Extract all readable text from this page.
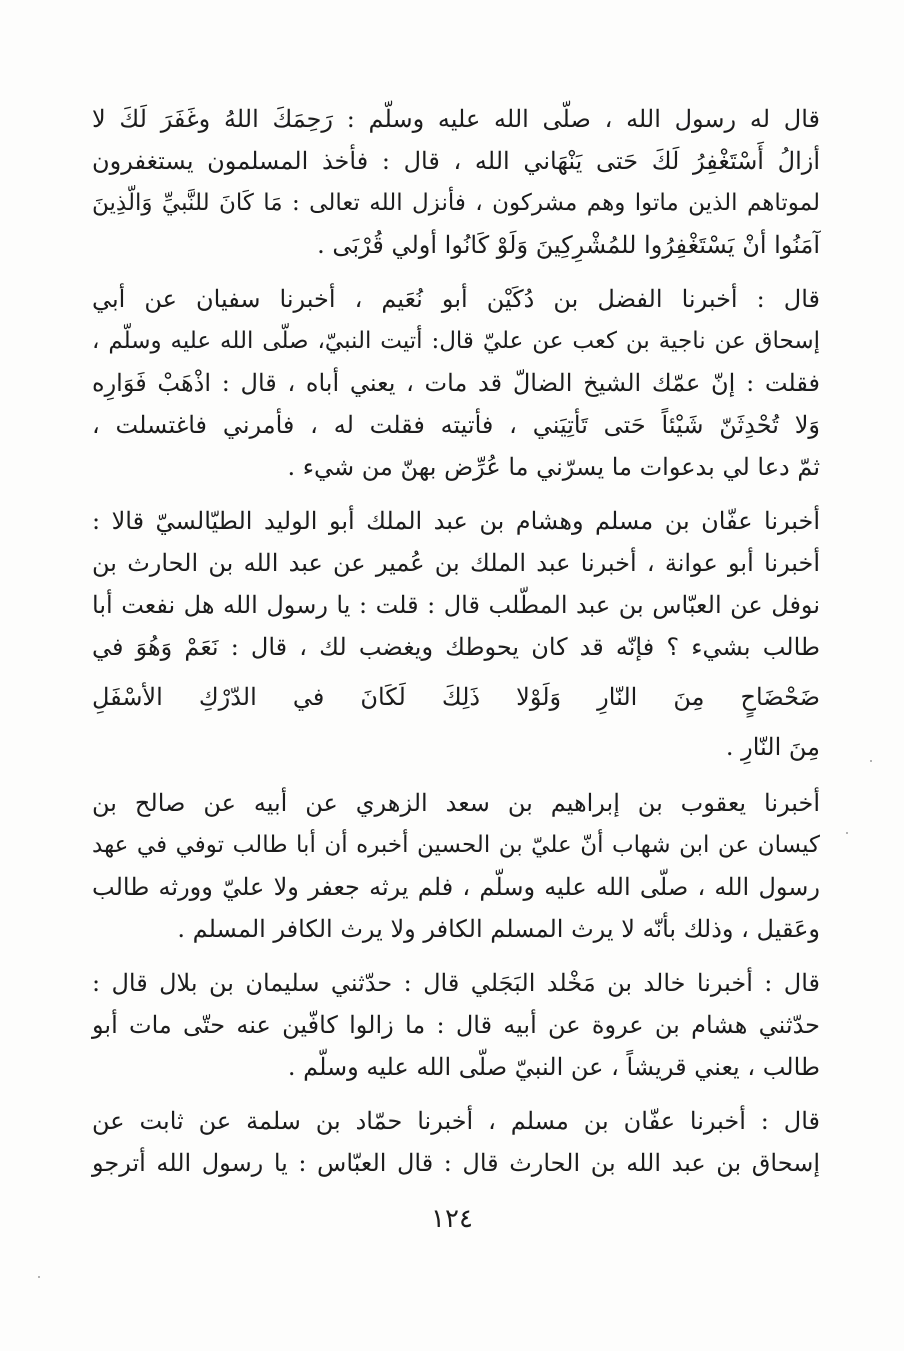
قال له رسول الله ، صلّى الله عليه وسلّم : رَحِمَكَ اللهُ وغَفَرَ لَكَ لا
أزالُ أَسْتَغْفِرُ لَكَ حَتى يَنْهَاني الله ، قال : فأخذ المسلمون يستغفرون
لموتاهم الذين ماتوا وهم مشركون ، فأنزل الله تعالى : مَا كَانَ للنَّبيِّ وَالّذِينَ
آمَنُوا أنْ يَسْتَغْفِرُوا للمُشْرِكِينَ وَلَوْ كَانُوا أولي قُرْبَى .
قال : أخبرنا الفضل بن دُكَيْن أبو نُعَيم ، أخبرنا سفيان عن أبي
إسحاق عن ناجية بن كعب عن عليّ قال: أتيت النبيّ، صلّى الله عليه وسلّم ،
فقلت : إنّ عمّك الشيخ الضالّ قد مات ، يعني أباه ، قال : اذْهَبْ فَوَارِه
وَلا تُحْدِثَنّ شَيْئاً حَتى تَأتِيَني ، فأتيته فقلت له ، فأمرني فاغتسلت ،
ثمّ دعا لي بدعوات ما يسرّني ما عُرِّض بهنّ من شيء .
أخبرنا عفّان بن مسلم وهشام بن عبد الملك أبو الوليد الطيّالسيّ قالا :
أخبرنا أبو عوانة ، أخبرنا عبد الملك بن عُمير عن عبد الله بن الحارث بن
نوفل عن العبّاس بن عبد المطّلب قال : قلت : يا رسول الله هل نفعت أبا
طالب بشيء ؟ فإنّه قد كان يحوطك ويغضب لك ، قال : نَعَمْ وَهُوَ في
ضَحْضَاحٍ مِنَ النّارِ وَلَوْلا ذَلِكَ لَكَانَ في الدّرْكِ الأسْفَلِ
مِنَ النّارِ .
أخبرنا يعقوب بن إبراهيم بن سعد الزهري عن أبيه عن صالح بن
كيسان عن ابن شهاب أنّ عليّ بن الحسين أخبره أن أبا طالب توفي في عهد
رسول الله ، صلّى الله عليه وسلّم ، فلم يرثه جعفر ولا عليّ وورثه طالب
وعَقيل ، وذلك بأنّه لا يرث المسلم الكافر ولا يرث الكافر المسلم .
قال : أخبرنا خالد بن مَخْلد البَجَلي قال : حدّثني سليمان بن بلال قال :
حدّثني هشام بن عروة عن أبيه قال : ما زالوا كافّين عنه حتّى مات أبو
طالب ، يعني قريشاً ، عن النبيّ صلّى الله عليه وسلّم .
قال : أخبرنا عفّان بن مسلم ، أخبرنا حمّاد بن سلمة عن ثابت عن
إسحاق بن عبد الله بن الحارث قال : قال العبّاس : يا رسول الله أترجو
١٢٤
